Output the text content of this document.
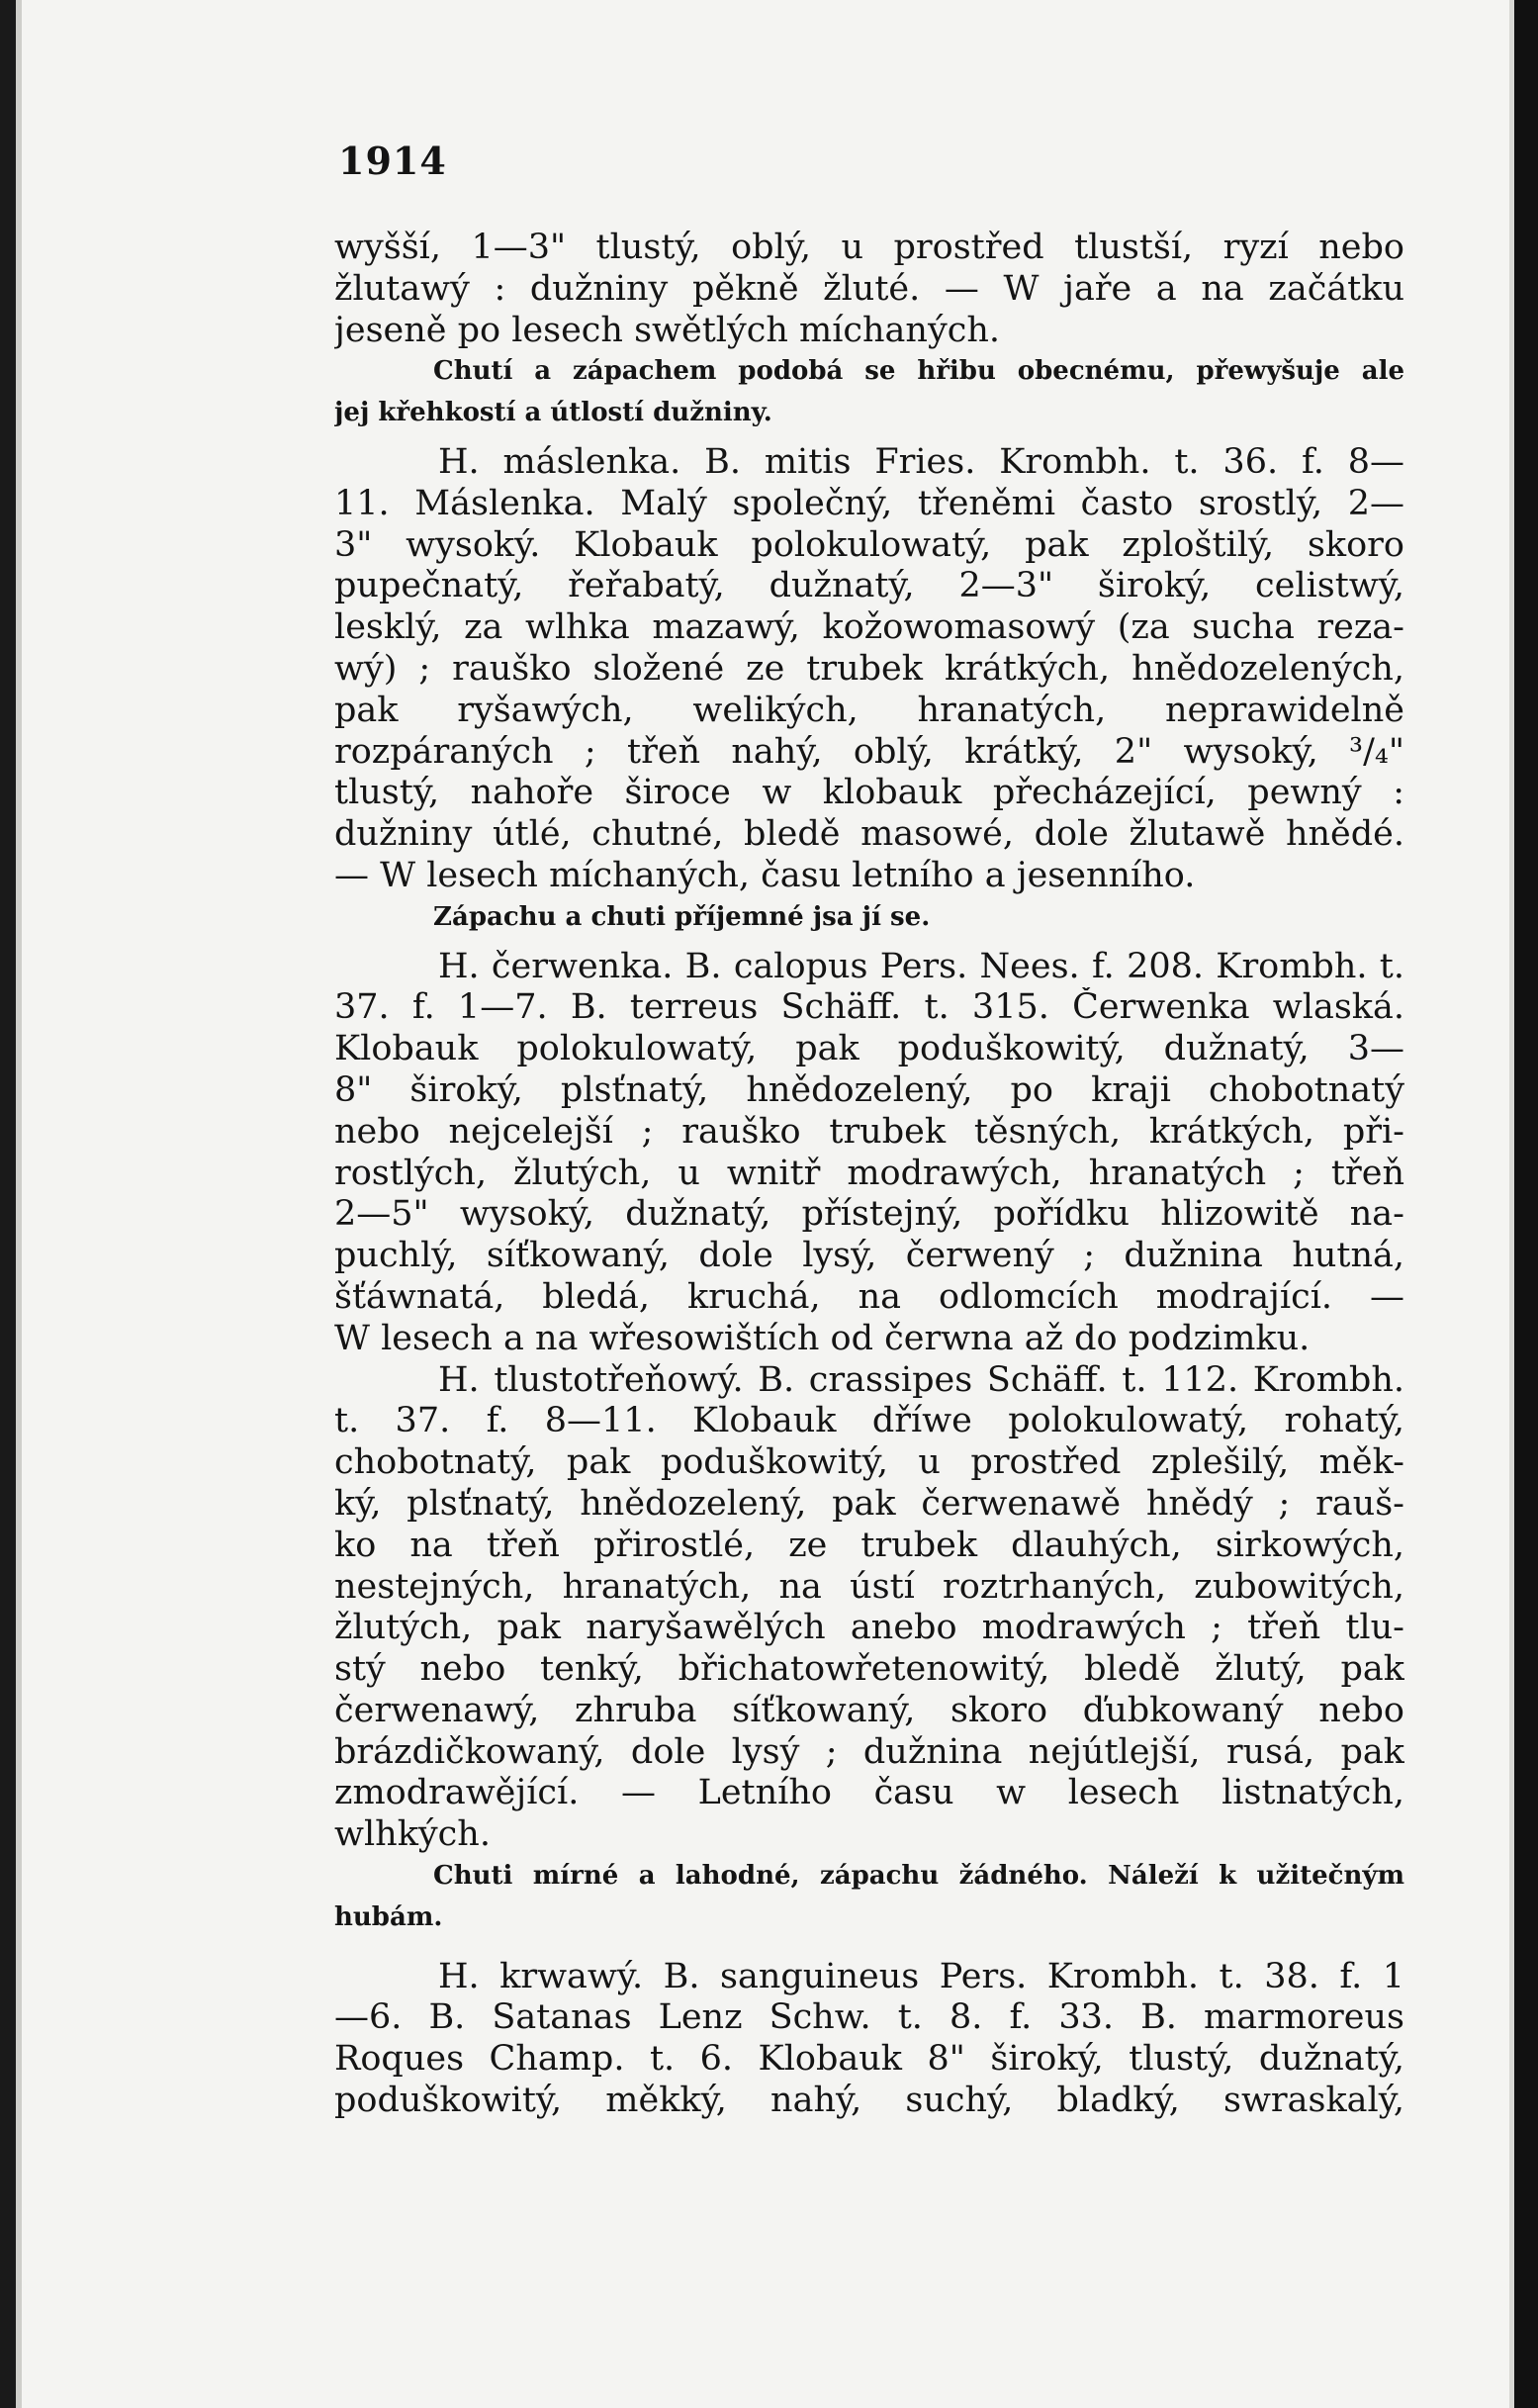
1914
wyšší, 1—3" tlustý, oblý, u prostřed tlustší, ryzí nebo
žlutawý : dužniny pěkně žluté. — W jaře a na začátku
jeseně po lesech swětlých míchaných.
Chutí a zápachem podobá se hřibu obecnému, přewyšuje ale
jej křehkostí a útlostí dužniny.
H. máslenka. B. mitis Fries. Krombh. t. 36. f. 8—
11. Máslenka. Malý společný, třeněmi často srostlý, 2—
3" wysoký. Klobauk polokulowatý, pak zploštilý, skoro
pupečnatý, řeřabatý, dužnatý, 2—3" široký, celistwý,
lesklý, za wlhka mazawý, kožowomasowý (za sucha reza-
wý) ; rauško složené ze trubek krátkých, hnědozelených,
pak ryšawých, welikých, hranatých, neprawidelně
rozpáraných ; třeň nahý, oblý, krátký, 2" wysoký, ³/₄"
tlustý, nahoře široce w klobauk přecházející, pewný :
dužniny útlé, chutné, bledě masowé, dole žlutawě hnědé.
— W lesech míchaných, času letního a jesenního.
Zápachu a chuti příjemné jsa jí se.
H. čerwenka. B. calopus Pers. Nees. f. 208. Krombh. t.
37. f. 1—7. B. terreus Schäff. t. 315. Čerwenka wlaská.
Klobauk polokulowatý, pak poduškowitý, dužnatý, 3—
8" široký, plsťnatý, hnědozelený, po kraji chobotnatý
nebo nejcelejší ; rauško trubek těsných, krátkých, při-
rostlých, žlutých, u wnitř modrawých, hranatých ; třeň
2—5" wysoký, dužnatý, přístejný, pořídku hlizowitě na-
puchlý, síťkowaný, dole lysý, čerwený ; dužnina hutná,
šťáwnatá, bledá, kruchá, na odlomcích modrající. —
W lesech a na wřesowištích od čerwna až do podzimku.
H. tlustotřeňowý. B. crassipes Schäff. t. 112. Krombh.
t. 37. f. 8—11. Klobauk dříwe polokulowatý, rohatý,
chobotnatý, pak poduškowitý, u prostřed zplešilý, měk-
ký, plsťnatý, hnědozelený, pak čerwenawě hnědý ; rauš-
ko na třeň přirostlé, ze trubek dlauhých, sirkowých,
nestejných, hranatých, na ústí roztrhaných, zubowitých,
žlutých, pak naryšawělých anebo modrawých ; třeň tlu-
stý nebo tenký, břichatowřetenowitý, bledě žlutý, pak
čerwenawý, zhruba síťkowaný, skoro ďubkowaný nebo
brázdičkowaný, dole lysý ; dužnina nejútlejší, rusá, pak
zmodrawějící. — Letního času w lesech listnatých,
wlhkých.
Chuti mírné a lahodné, zápachu žádného. Náleží k užitečným
hubám.
H. krwawý. B. sanguineus Pers. Krombh. t. 38. f. 1
—6. B. Satanas Lenz Schw. t. 8. f. 33. B. marmoreus
Roques Champ. t. 6. Klobauk 8" široký, tlustý, dužnatý,
poduškowitý, měkký, nahý, suchý, bladký, swraskalý,
